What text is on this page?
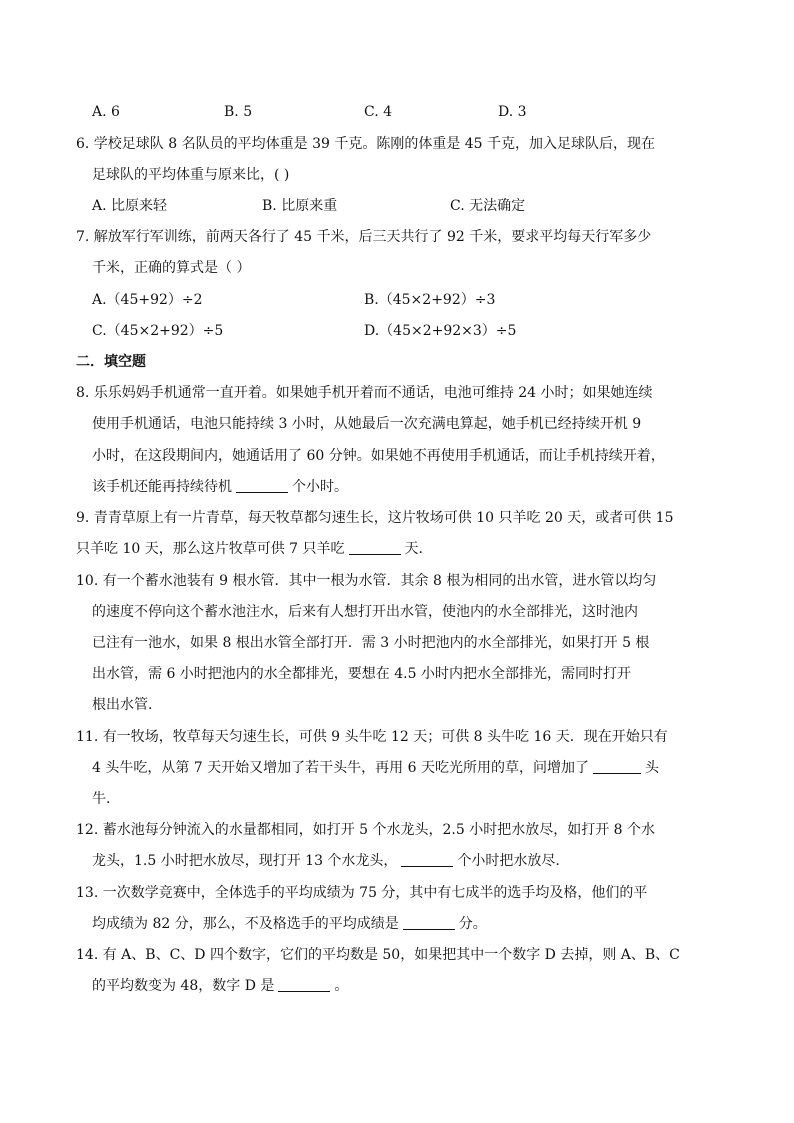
A. 6	B. 5	C. 4	D. 3
6. 学校足球队 8 名队员的平均体重是 39 千克。陈刚的体重是 45 千克，加入足球队后，现在
足球队的平均体重与原来比，( )
A. 比原来轻	B. 比原来重	C. 无法确定
7. 解放军行军训练，前两天各行了 45 千米，后三天共行了 92 千米，要求平均每天行军多少
千米，正确的算式是（ ）
A.（45+92）÷2	B.（45×2+92）÷3
C.（45×2+92）÷5	D.（45×2+92×3）÷5
二．填空题
8. 乐乐妈妈手机通常一直开着。如果她手机开着而不通话，电池可维持 24 小时；如果她连续
使用手机通话，电池只能持续 3 小时，从她最后一次充满电算起，她手机已经持续开机 9
小时，在这段期间内，她通话用了 60 分钟。如果她不再使用手机通话，而让手机持续开着，
该手机还能再持续待机	个小时。
9. 青青草原上有一片青草，每天牧草都匀速生长，这片牧场可供 10 只羊吃 20 天，或者可供 15
只羊吃 10 天，那么这片牧草可供 7 只羊吃	天.
10. 有一个蓄水池装有 9 根水管．其中一根为水管．其余 8 根为相同的出水管，进水管以均匀
的速度不停向这个蓄水池注水，后来有人想打开出水管，使池内的水全部排光，这时池内
已注有一池水，如果 8 根出水管全部打开．需 3 小时把池内的水全部排光，如果打开 5 根
出水管，需 6 小时把池内的水全都排光，要想在 4.5 小时内把水全部排光，需同时打开
根出水管.
11. 有一牧场，牧草每天匀速生长，可供 9 头牛吃 12 天；可供 8 头牛吃 16 天．现在开始只有
4 头牛吃，从第 7 天开始又增加了若干头牛，再用 6 天吃光所用的草，问增加了	头
牛.
12. 蓄水池每分钟流入的水量都相同，如打开 5 个水龙头，2.5 小时把水放尽，如打开 8 个水
龙头，1.5 小时把水放尽，现打开 13 个水龙头，	个小时把水放尽.
13. 一次数学竞赛中，全体选手的平均成绩为 75 分，其中有七成半的选手均及格，他们的平
均成绩为 82 分，那么，不及格选手的平均成绩是	分。
14. 有 A、B、C、D 四个数字，它们的平均数是 50，如果把其中一个数字 D 去掉，则 A、B、C
的平均数变为 48，数字 D 是	。
